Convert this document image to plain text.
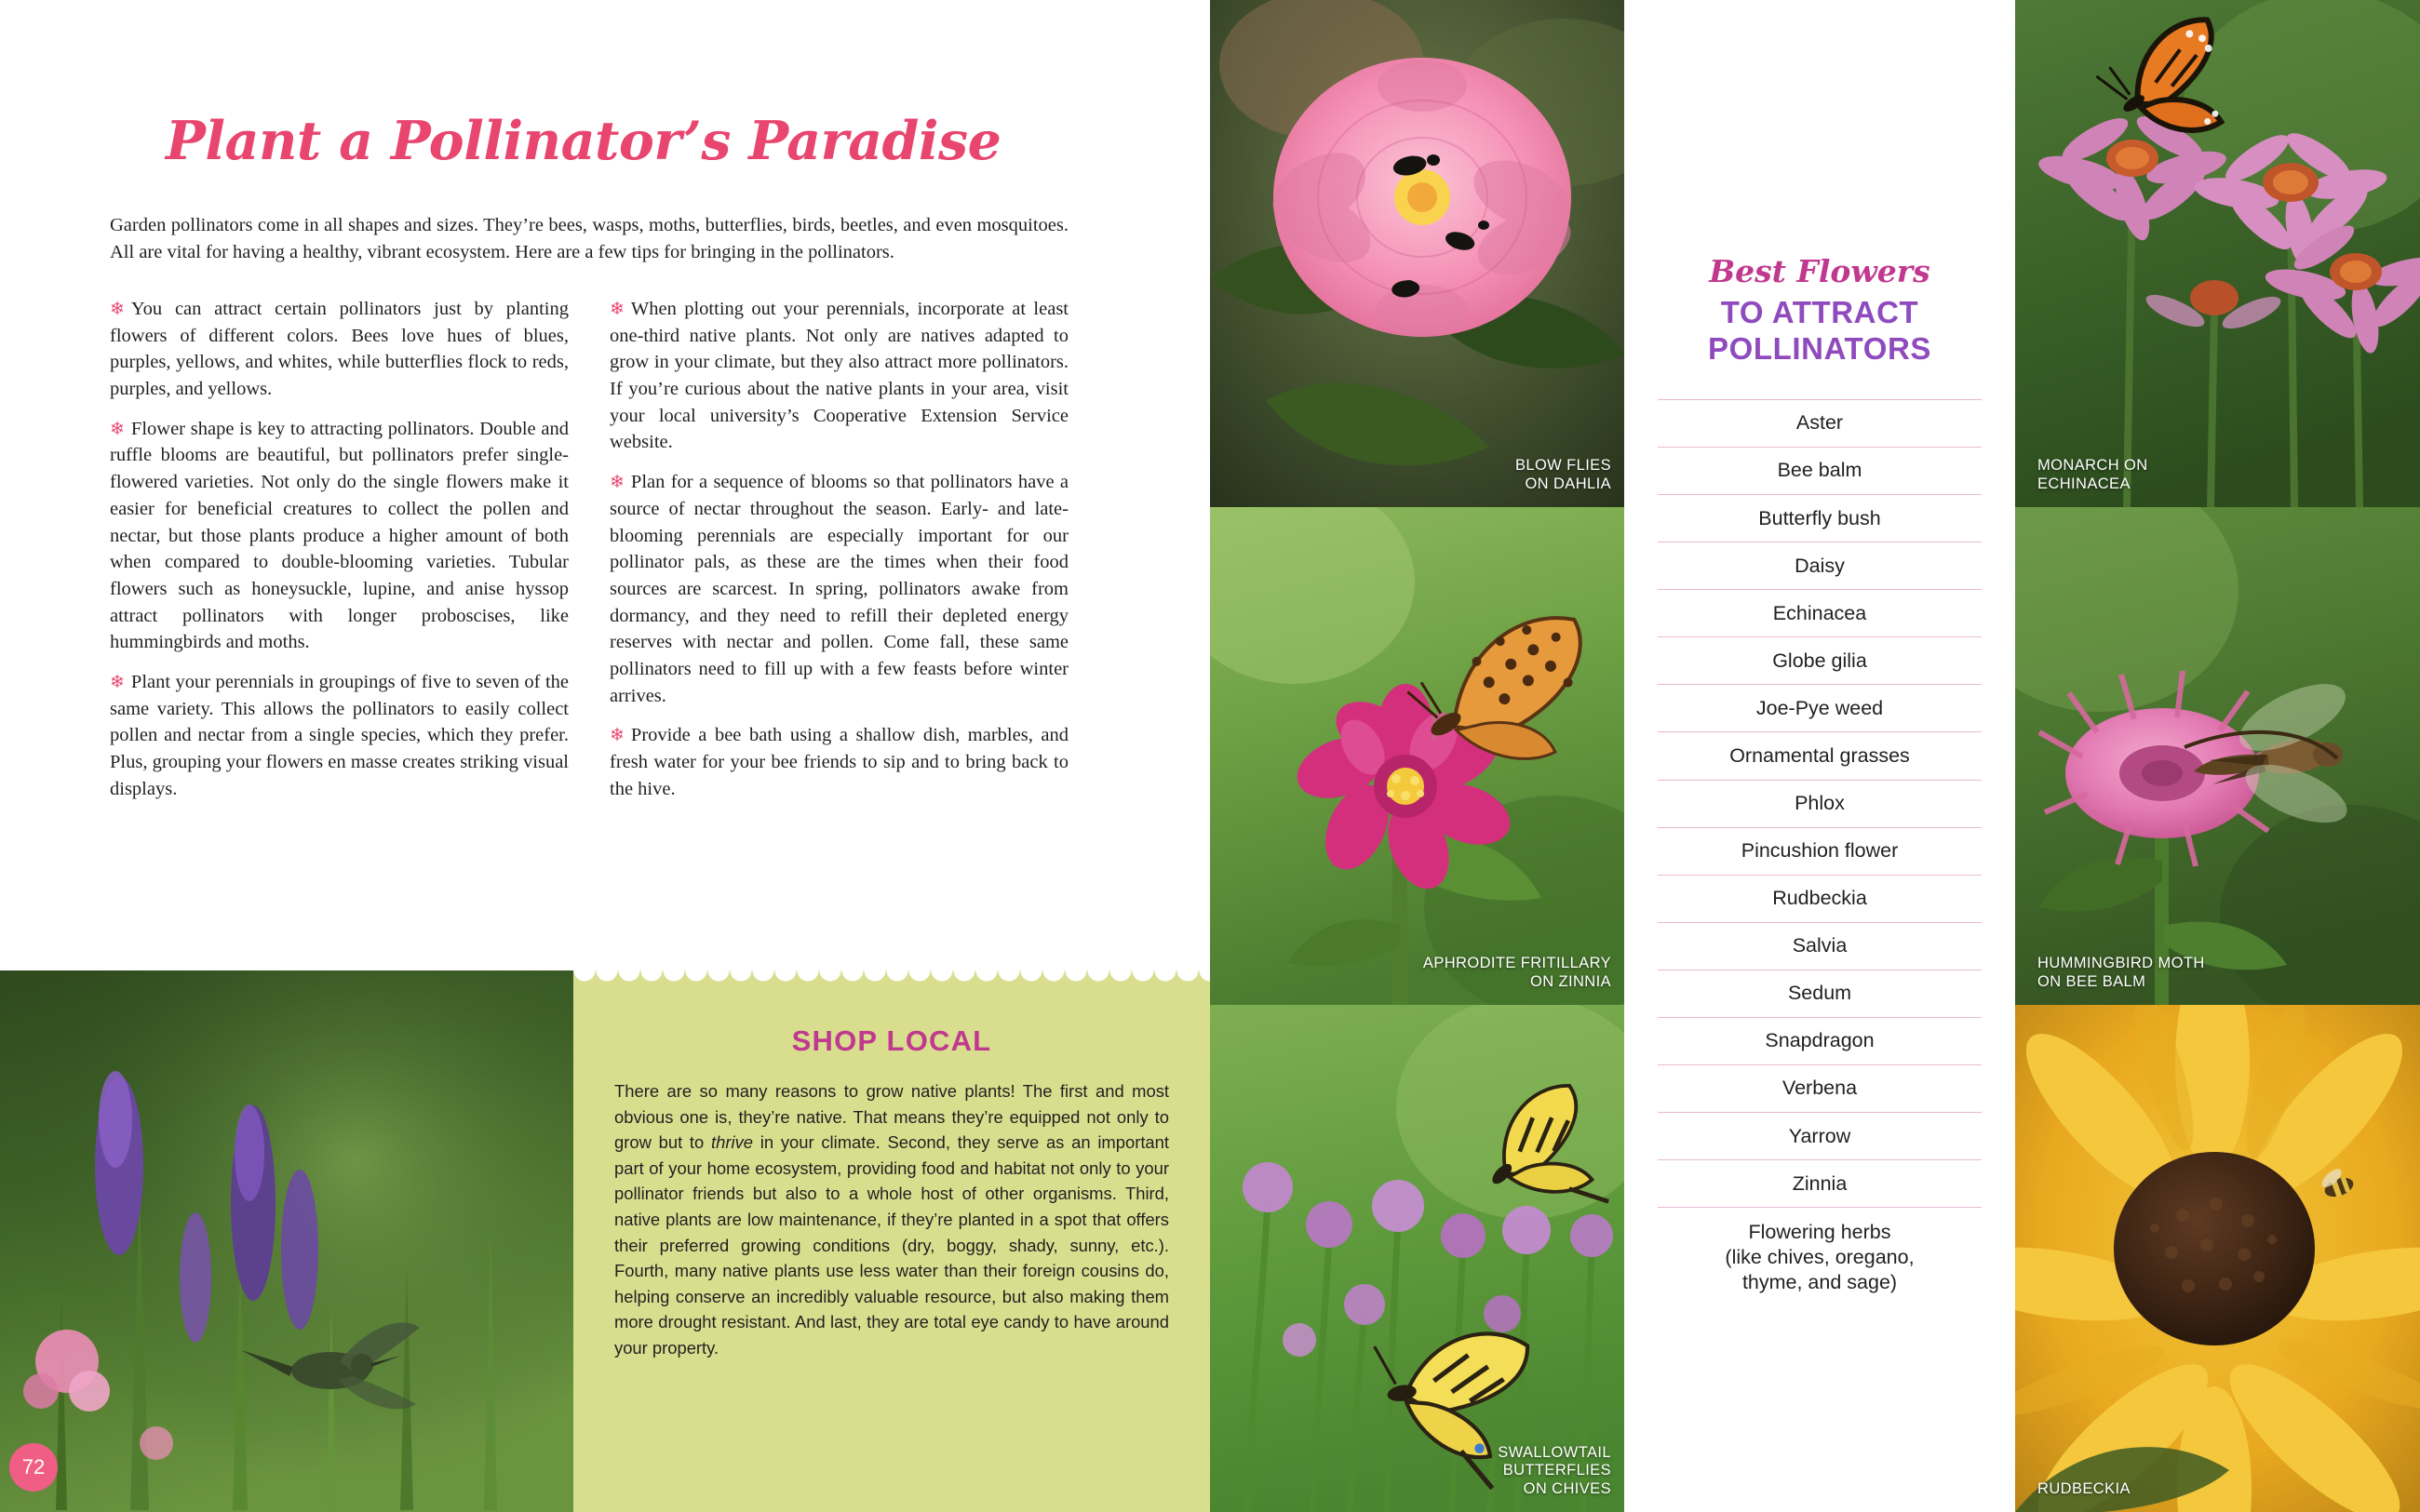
Plant a Pollinator’s Paradise
Garden pollinators come in all shapes and sizes. They’re bees, wasps, moths, butterflies, birds, beetles, and even mosquitoes. All are vital for having a healthy, vibrant ecosystem. Here are a few tips for bringing in the pollinators.

❄ You can attract certain pollinators just by planting flowers of different colors. Bees love hues of blues, purples, yellows, and whites, while butterflies flock to reds, purples, and yellows.

❄ Flower shape is key to attracting pollinators. Double and ruffle blooms are beautiful, but pollinators prefer single-flowered varieties. Not only do the single flowers make it easier for beneficial creatures to collect the pollen and nectar, but those plants produce a higher amount of both when compared to double-blooming varieties. Tubular flowers such as honeysuckle, lupine, and anise hyssop attract pollinators with longer proboscises, like hummingbirds and moths.

❄ Plant your perennials in groupings of five to seven of the same variety. This allows the pollinators to easily collect pollen and nectar from a single species, which they prefer. Plus, grouping your flowers en masse creates striking visual displays.

❄ When plotting out your perennials, incorporate at least one-third native plants. Not only are natives adapted to grow in your climate, but they also attract more pollinators. If you’re curious about the native plants in your area, visit your local university’s Cooperative Extension Service website.

❄ Plan for a sequence of blooms so that pollinators have a source of nectar throughout the season. Early- and late-blooming perennials are especially important for our pollinator pals, as these are the times when their food sources are scarcest. In spring, pollinators awake from dormancy, and they need to refill their depleted energy reserves with nectar and pollen. Come fall, these same pollinators need to fill up with a few feasts before winter arrives.

❄ Provide a bee bath using a shallow dish, marbles, and fresh water for your bee friends to sip and to bring back to the hive.

72
SHOP LOCAL
There are so many reasons to grow native plants! The first and most obvious one is, they’re native. That means they’re equipped not only to grow but to thrive in your climate. Second, they serve as an important part of your home ecosystem, providing food and habitat not only to your pollinator friends but also to a whole host of other organisms. Third, native plants are low maintenance, if they’re planted in a spot that offers their preferred growing conditions (dry, boggy, shady, sunny, etc.). Fourth, many native plants use less water than their foreign cousins do, helping conserve an incredibly valuable resource, but also making them more drought resistant. And last, they are total eye candy to have around your property.
BLOW FLIES
ON DAHLIA
APHRODITE FRITILLARY
ON ZINNIA
SWALLOWTAIL
BUTTERFLIES
ON CHIVES
Best Flowers
TO ATTRACT
POLLINATORS
Aster
Bee balm
Butterfly bush
Daisy
Echinacea
Globe gilia
Joe-Pye weed
Ornamental grasses
Phlox
Pincushion flower
Rudbeckia
Salvia
Sedum
Snapdragon
Verbena
Yarrow
Zinnia
Flowering herbs
(like chives, oregano,
thyme, and sage)
MONARCH ON
ECHINACEA
HUMMINGBIRD MOTH
ON BEE BALM
RUDBECKIA
